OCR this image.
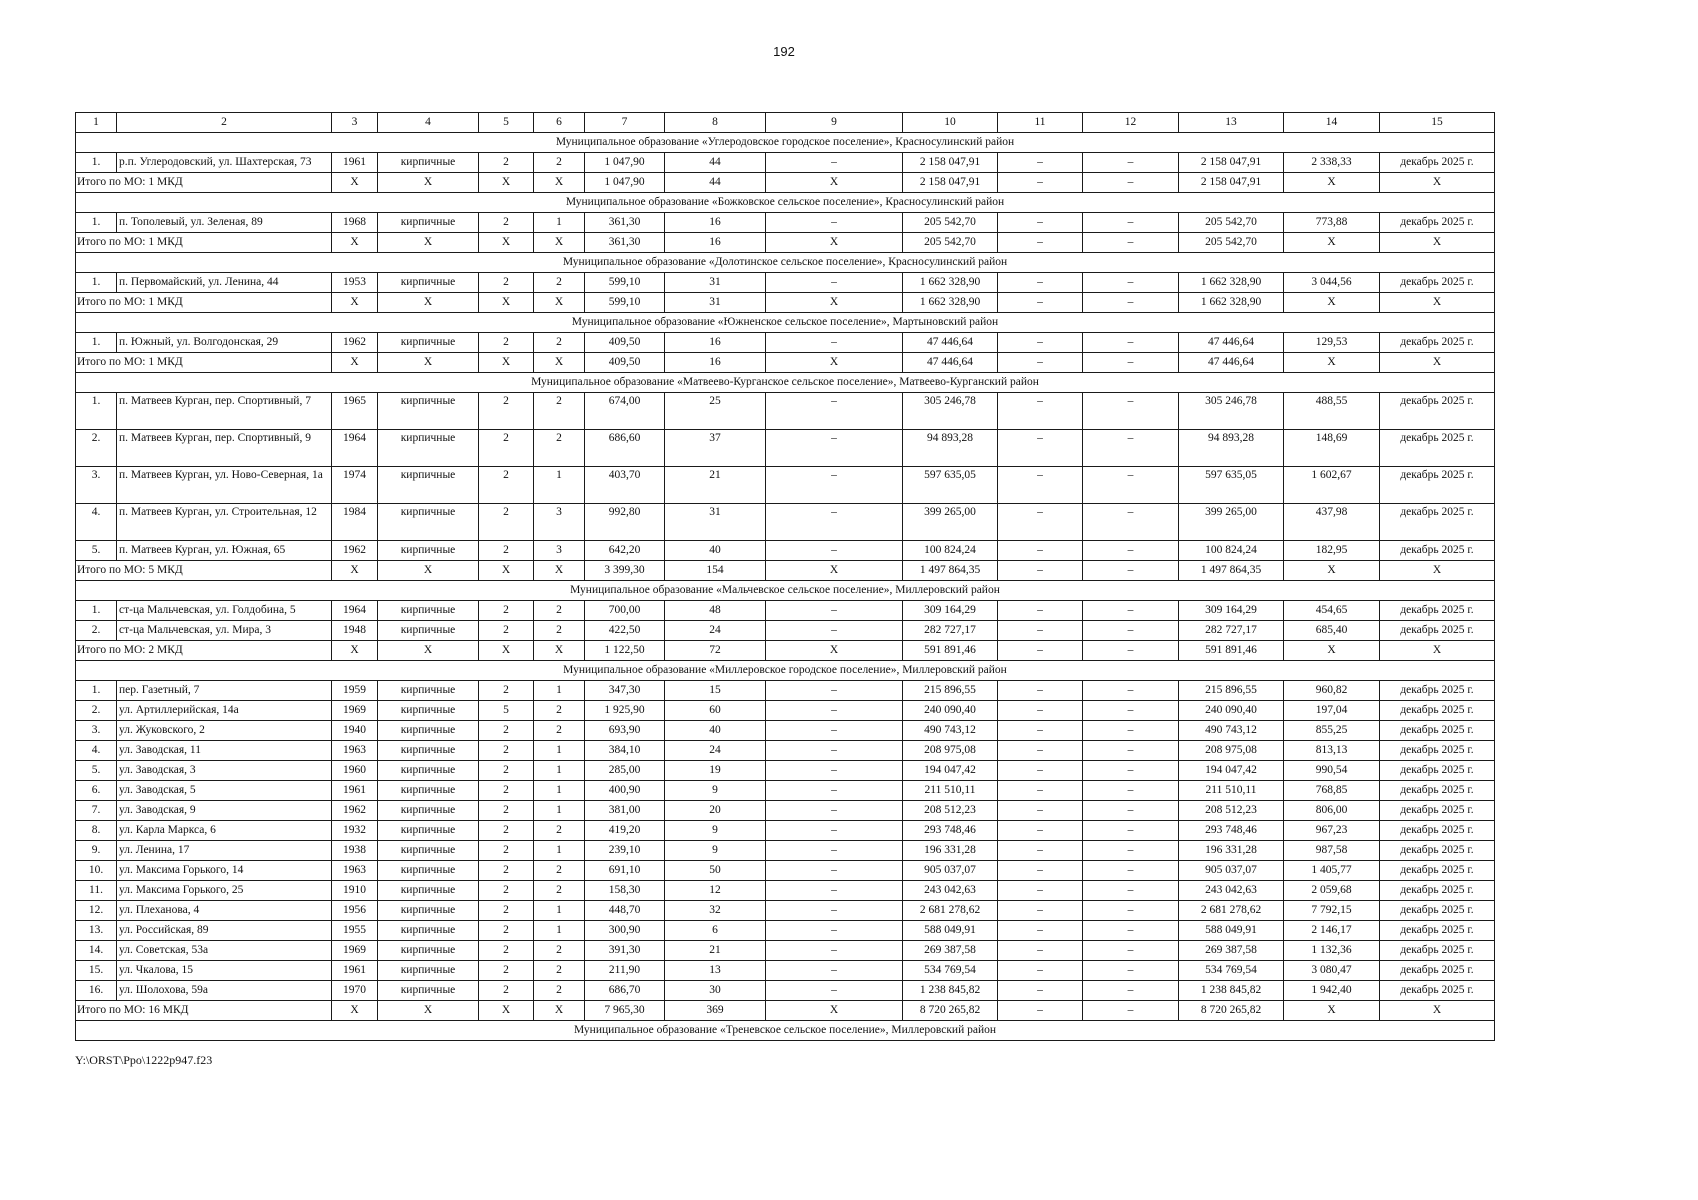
192
1	2	3	4	5	6	7	8	9	10	11	12	13	14	15
Муниципальное образование «Углеродовское городское поселение», Красносулинский район														
1.	р.п. Углеродовский, ул. Шахтерская, 73	1961	кирпичные	2	2	1 047,90	44	–	2 158 047,91	–	–	2 158 047,91	2 338,33	декабрь 2025 г.
Итого по МО: 1 МКД		Х	Х	Х	Х	1 047,90	44	Х	2 158 047,91	–	–	2 158 047,91	Х	Х
Муниципальное образование «Божковское сельское поселение», Красносулинский район														
1.	п. Тополевый, ул. Зеленая, 89	1968	кирпичные	2	1	361,30	16	–	205 542,70	–	–	205 542,70	773,88	декабрь 2025 г.
Итого по МО: 1 МКД		Х	Х	Х	Х	361,30	16	Х	205 542,70	–	–	205 542,70	Х	Х
Муниципальное образование «Долотинское сельское поселение», Красносулинский район														
1.	п. Первомайский, ул. Ленина, 44	1953	кирпичные	2	2	599,10	31	–	1 662 328,90	–	–	1 662 328,90	3 044,56	декабрь 2025 г.
Итого по МО: 1 МКД		Х	Х	Х	Х	599,10	31	Х	1 662 328,90	–	–	1 662 328,90	Х	Х
Муниципальное образование «Южненское сельское поселение», Мартыновский район														
1.	п. Южный, ул. Волгодонская, 29	1962	кирпичные	2	2	409,50	16	–	47 446,64	–	–	47 446,64	129,53	декабрь 2025 г.
Итого по МО: 1 МКД		Х	Х	Х	Х	409,50	16	Х	47 446,64	–	–	47 446,64	Х	Х
Муниципальное образование «Матвеево-Курганское сельское поселение», Матвеево-Курганский район														
1.	п. Матвеев Курган, пер. Спортивный, 7	1965	кирпичные	2	2	674,00	25	–	305 246,78	–	–	305 246,78	488,55	декабрь 2025 г.
2.	п. Матвеев Курган, пер. Спортивный, 9	1964	кирпичные	2	2	686,60	37	–	94 893,28	–	–	94 893,28	148,69	декабрь 2025 г.
3.	п. Матвеев Курган, ул. Ново-Северная, 1а	1974	кирпичные	2	1	403,70	21	–	597 635,05	–	–	597 635,05	1 602,67	декабрь 2025 г.
4.	п. Матвеев Курган, ул. Строительная, 12	1984	кирпичные	2	3	992,80	31	–	399 265,00	–	–	399 265,00	437,98	декабрь 2025 г.
5.	п. Матвеев Курган, ул. Южная, 65	1962	кирпичные	2	3	642,20	40	–	100 824,24	–	–	100 824,24	182,95	декабрь 2025 г.
Итого по МО: 5 МКД		Х	Х	Х	Х	3 399,30	154	Х	1 497 864,35	–	–	1 497 864,35	Х	Х
Муниципальное образование «Мальчевское сельское поселение», Миллеровский район														
1.	ст-ца Мальчевская, ул. Голдобина, 5	1964	кирпичные	2	2	700,00	48	–	309 164,29	–	–	309 164,29	454,65	декабрь 2025 г.
2.	ст-ца Мальчевская, ул. Мира, 3	1948	кирпичные	2	2	422,50	24	–	282 727,17	–	–	282 727,17	685,40	декабрь 2025 г.
Итого по МО: 2 МКД		Х	Х	Х	Х	1 122,50	72	Х	591 891,46	–	–	591 891,46	Х	Х
Муниципальное образование «Миллеровское городское поселение», Миллеровский район														
1.	пер. Газетный, 7	1959	кирпичные	2	1	347,30	15	–	215 896,55	–	–	215 896,55	960,82	декабрь 2025 г.
2.	ул. Артиллерийская, 14а	1969	кирпичные	5	2	1 925,90	60	–	240 090,40	–	–	240 090,40	197,04	декабрь 2025 г.
3.	ул. Жуковского, 2	1940	кирпичные	2	2	693,90	40	–	490 743,12	–	–	490 743,12	855,25	декабрь 2025 г.
4.	ул. Заводская, 11	1963	кирпичные	2	1	384,10	24	–	208 975,08	–	–	208 975,08	813,13	декабрь 2025 г.
5.	ул. Заводская, 3	1960	кирпичные	2	1	285,00	19	–	194 047,42	–	–	194 047,42	990,54	декабрь 2025 г.
6.	ул. Заводская, 5	1961	кирпичные	2	1	400,90	9	–	211 510,11	–	–	211 510,11	768,85	декабрь 2025 г.
7.	ул. Заводская, 9	1962	кирпичные	2	1	381,00	20	–	208 512,23	–	–	208 512,23	806,00	декабрь 2025 г.
8.	ул. Карла Маркса, 6	1932	кирпичные	2	2	419,20	9	–	293 748,46	–	–	293 748,46	967,23	декабрь 2025 г.
9.	ул. Ленина, 17	1938	кирпичные	2	1	239,10	9	–	196 331,28	–	–	196 331,28	987,58	декабрь 2025 г.
10.	ул. Максима Горького, 14	1963	кирпичные	2	2	691,10	50	–	905 037,07	–	–	905 037,07	1 405,77	декабрь 2025 г.
11.	ул. Максима Горького, 25	1910	кирпичные	2	2	158,30	12	–	243 042,63	–	–	243 042,63	2 059,68	декабрь 2025 г.
12.	ул. Плеханова, 4	1956	кирпичные	2	1	448,70	32	–	2 681 278,62	–	–	2 681 278,62	7 792,15	декабрь 2025 г.
13.	ул. Российская, 89	1955	кирпичные	2	1	300,90	6	–	588 049,91	–	–	588 049,91	2 146,17	декабрь 2025 г.
14.	ул. Советская, 53а	1969	кирпичные	2	2	391,30	21	–	269 387,58	–	–	269 387,58	1 132,36	декабрь 2025 г.
15.	ул. Чкалова, 15	1961	кирпичные	2	2	211,90	13	–	534 769,54	–	–	534 769,54	3 080,47	декабрь 2025 г.
16.	ул. Шолохова, 59а	1970	кирпичные	2	2	686,70	30	–	1 238 845,82	–	–	1 238 845,82	1 942,40	декабрь 2025 г.
Итого по МО: 16 МКД		Х	Х	Х	Х	7 965,30	369	Х	8 720 265,82	–	–	8 720 265,82	Х	Х
Муниципальное образование «Треневское сельское поселение», Миллеровский район														
Y:\ORST\Ppo\1222p947.f23
